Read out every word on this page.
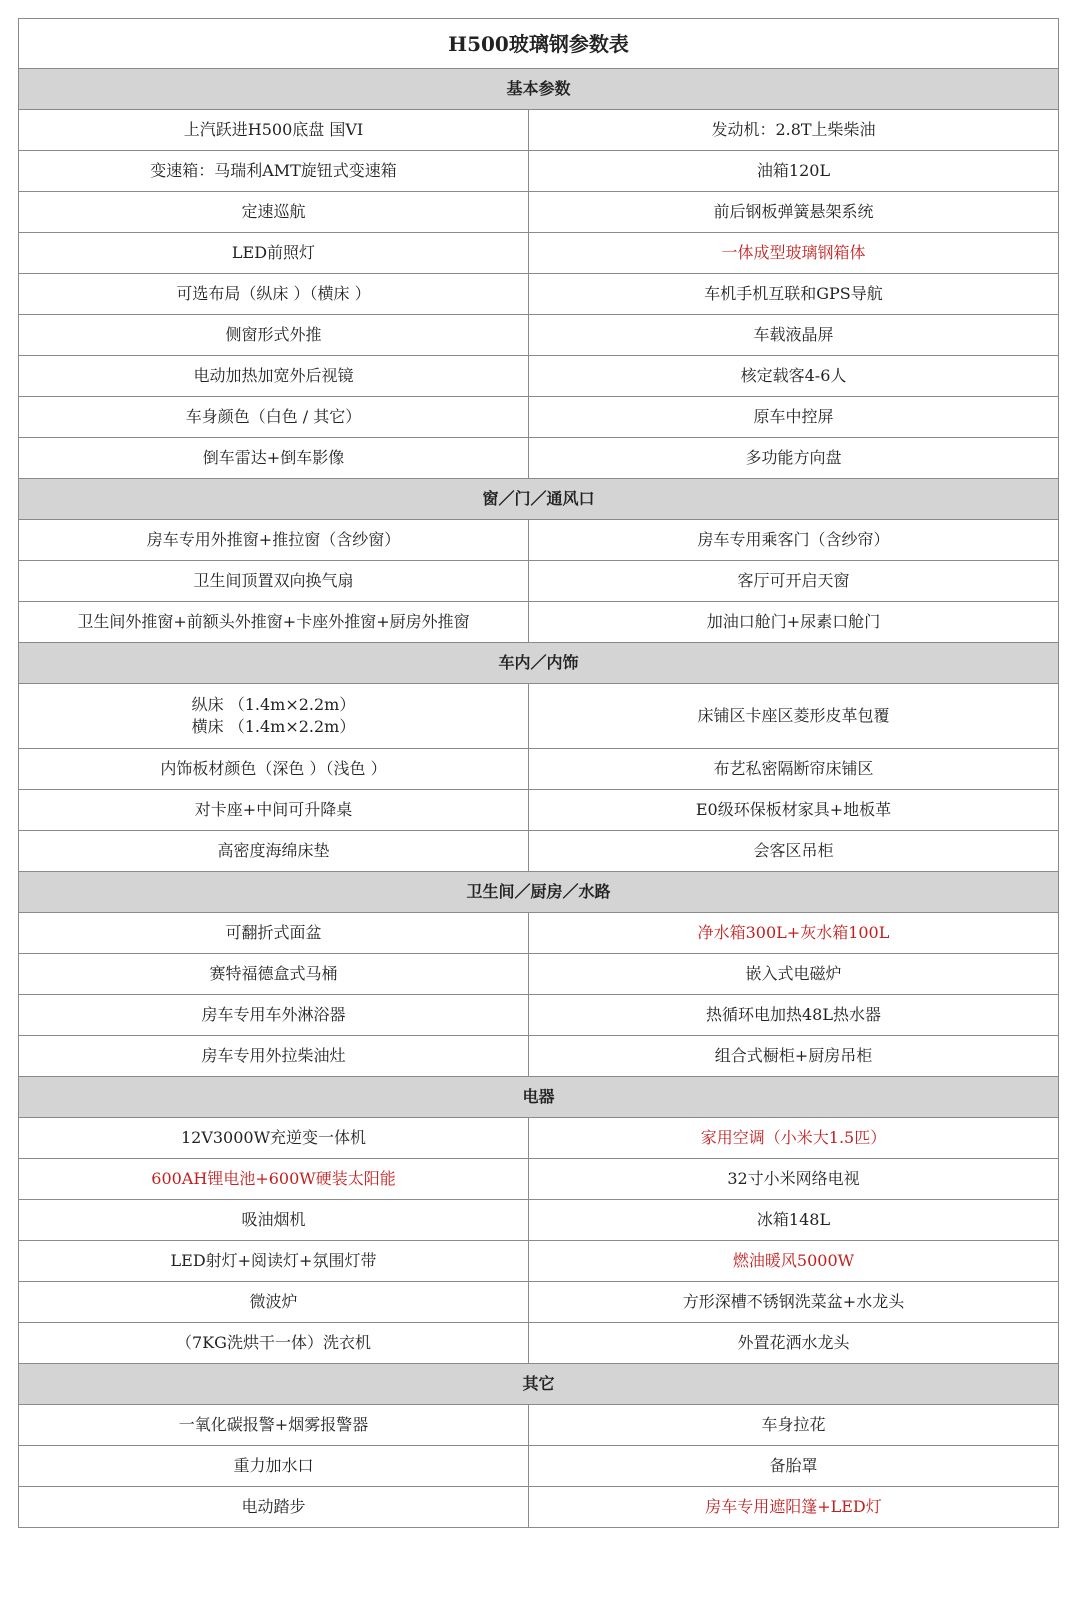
H500玻璃钢参数表	
基本参数	

上汽跃进H500底盘 国VI	发动机：2.8T上柴柴油

变速箱：马瑞利AMT旋钮式变速箱	油箱120L

定速巡航	前后钢板弹簧悬架系统

LED前照灯	一体成型玻璃钢箱体

可选布局（纵床 ）（横床 ）	车机手机互联和GPS导航

侧窗形式外推	车载液晶屏

电动加热加宽外后视镜	核定载客4-6人

车身颜色（白色 / 其它）	原车中控屏

倒车雷达+倒车影像	多功能方向盘

窗／门／通风口	

房车专用外推窗+推拉窗（含纱窗）	房车专用乘客门（含纱帘）

卫生间顶置双向换气扇	客厅可开启天窗

卫生间外推窗+前额头外推窗+卡座外推窗+厨房外推窗	加油口舱门+尿素口舱门

车内／内饰	

纵床 （1.4m×2.2m）
横床 （1.4m×2.2m）	床铺区卡座区菱形皮革包覆

内饰板材颜色（深色 ）（浅色 ）	布艺私密隔断帘床铺区

对卡座+中间可升降桌	E0级环保板材家具+地板革

高密度海绵床垫	会客区吊柜

卫生间／厨房／水路	

可翻折式面盆	净水箱300L+灰水箱100L

赛特福德盒式马桶	嵌入式电磁炉

房车专用车外淋浴器	热循环电加热48L热水器

房车专用外拉柴油灶	组合式橱柜+厨房吊柜

电器	

12V3000W充逆变一体机	家用空调（小米大1.5匹）

600AH锂电池+600W硬装太阳能	32寸小米网络电视

吸油烟机	冰箱148L

LED射灯+阅读灯+氛围灯带	燃油暖风5000W

微波炉	方形深槽不锈钢洗菜盆+水龙头

（7KG洗烘干一体）洗衣机	外置花洒水龙头

其它	

一氧化碳报警+烟雾报警器	车身拉花

重力加水口	备胎罩

电动踏步	房车专用遮阳篷+LED灯
